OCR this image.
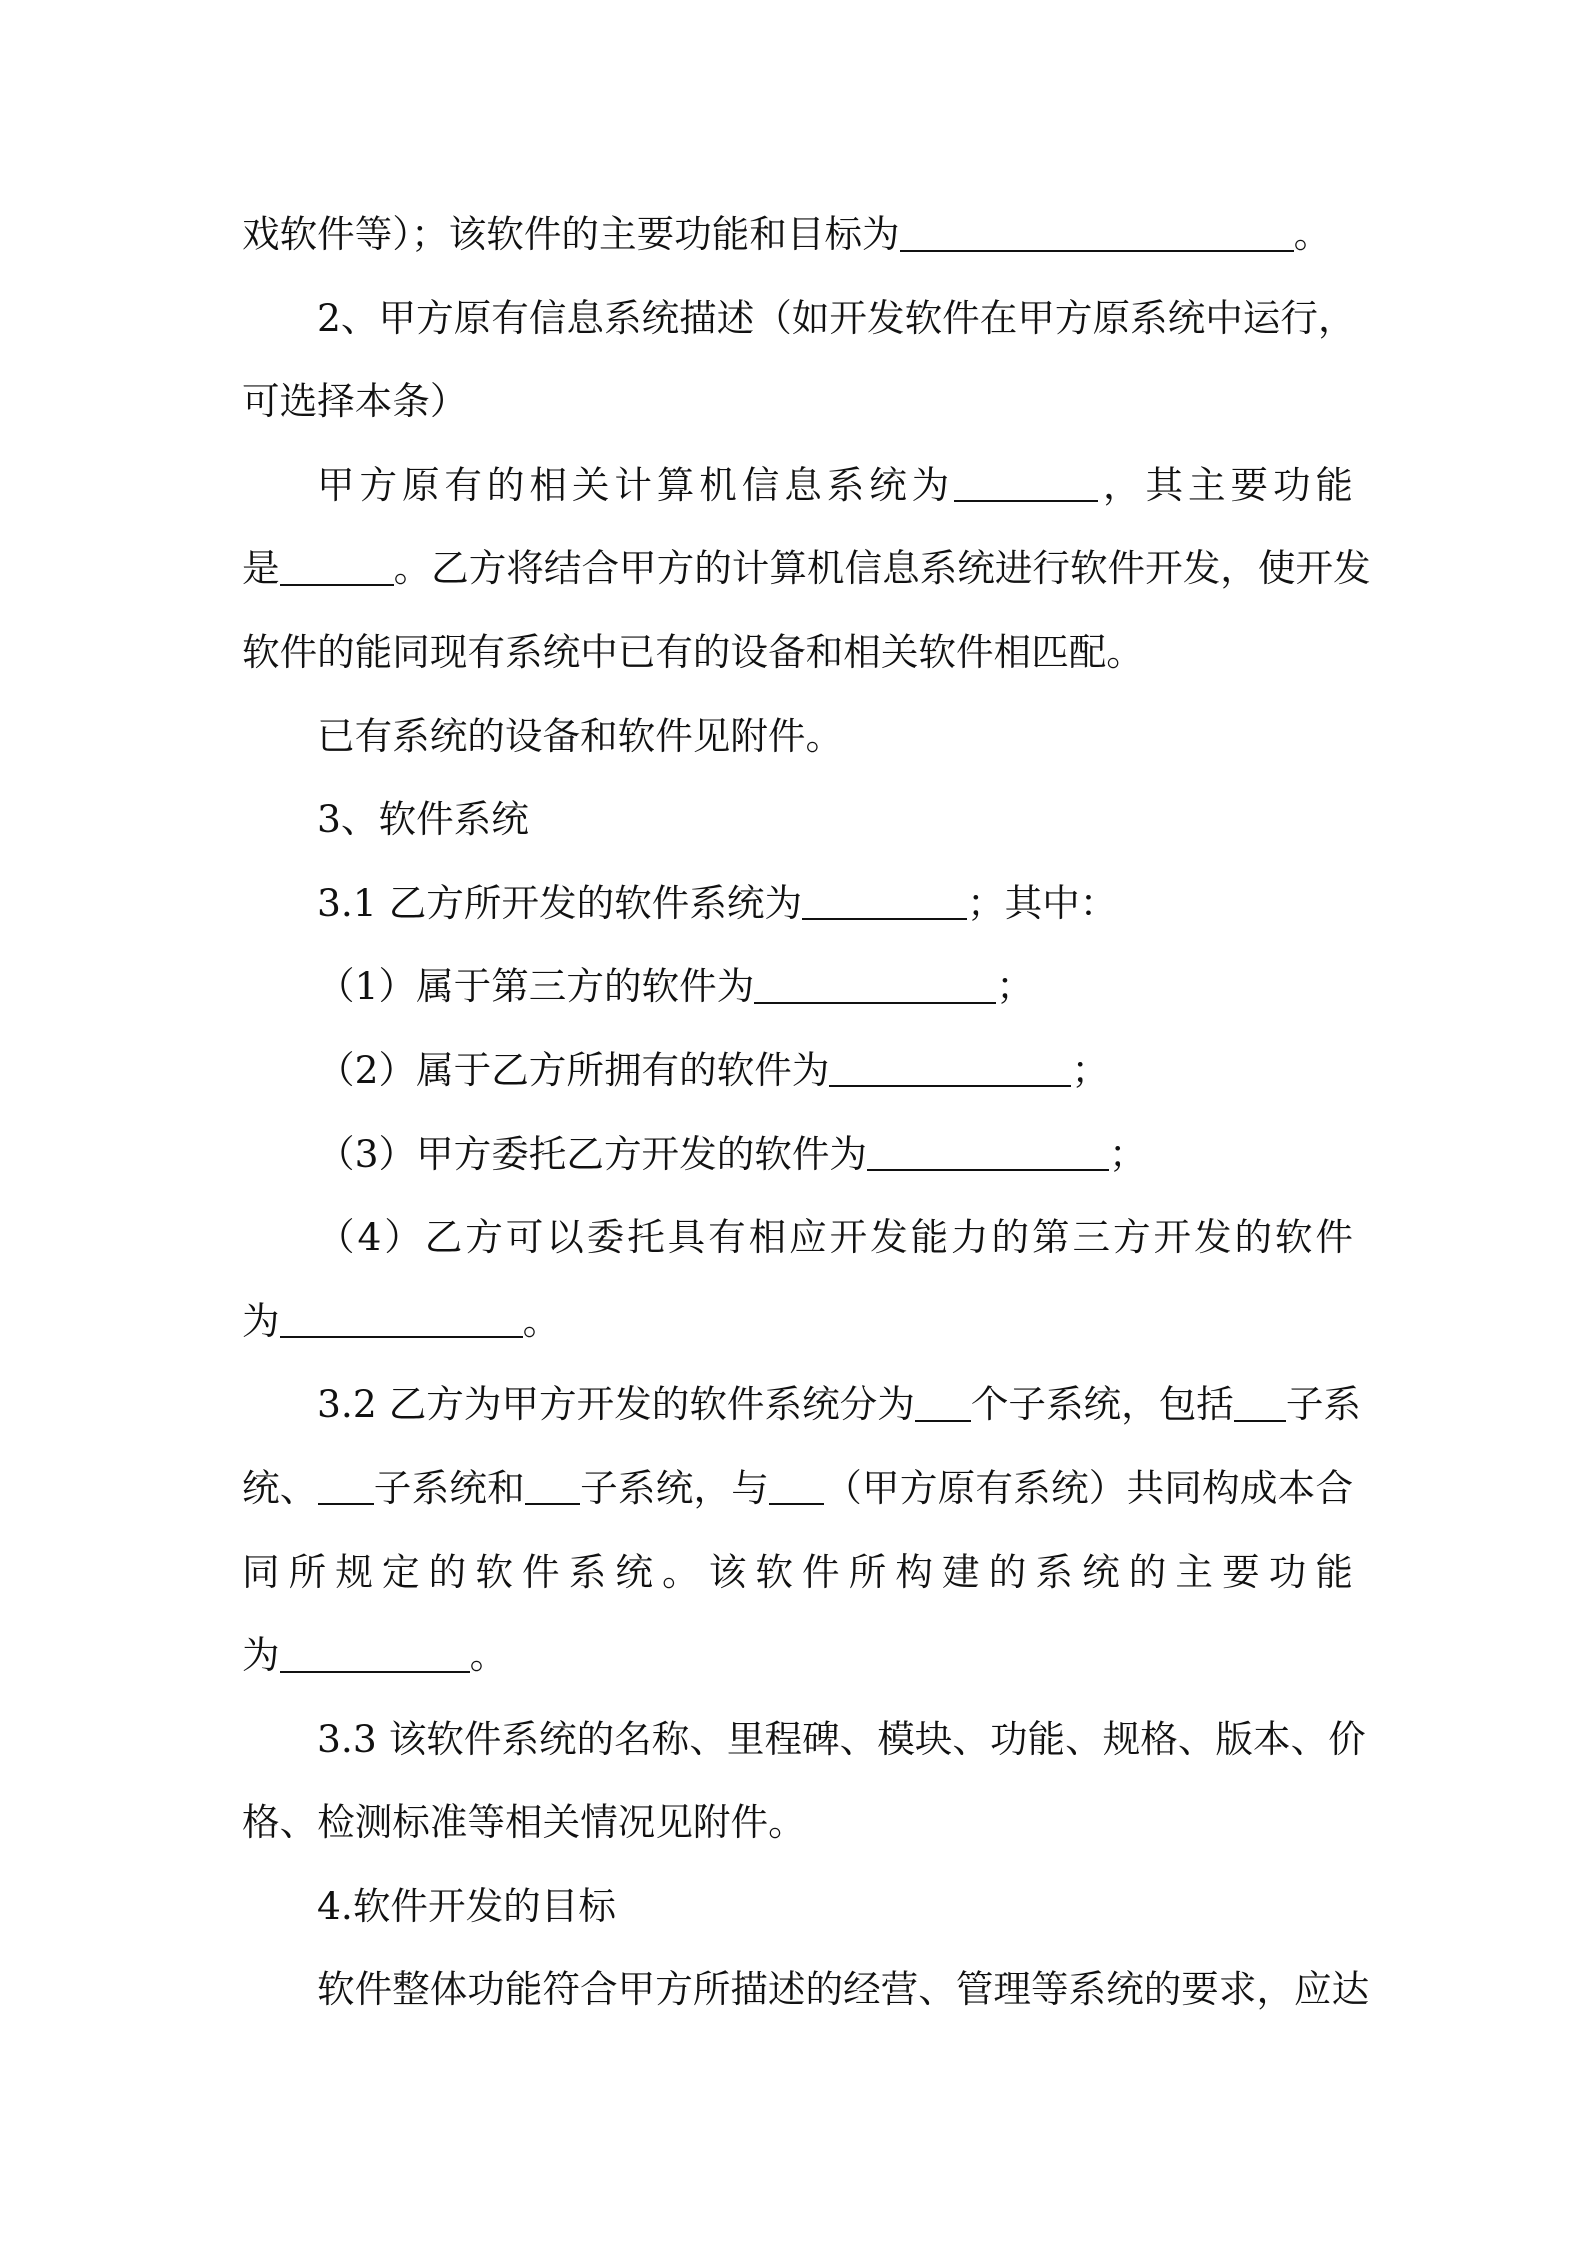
戏软件等）；该软件的主要功能和目标为	。
2、甲方原有信息系统描述（如开发软件在甲方原系统中运行，
可选择本条）
甲方原有的相关计算机信息系统为	，其主要功能
是	。乙方将结合甲方的计算机信息系统进行软件开发，使开发
软件的能同现有系统中已有的设备和相关软件相匹配。
已有系统的设备和软件见附件。
3、软件系统
3.1 乙方所开发的软件系统为	；其中：
（1）属于第三方的软件为	；
（2）属于乙方所拥有的软件为	；
（3）甲方委托乙方开发的软件为	；
（4）乙方可以委托具有相应开发能力的第三方开发的软件
为	。
3.2 乙方为甲方开发的软件系统分为 个子系统，包括 子系
统、 子系统和 子系统，与 （甲方原有系统）共同构成本合
同所规定的软件系统。该软件所构建的系统的主要功能
为	。
3.3 该软件系统的名称、里程碑、模块、功能、规格、版本、价
格、检测标准等相关情况见附件。
4.软件开发的目标
软件整体功能符合甲方所描述的经营、管理等系统的要求，应达
